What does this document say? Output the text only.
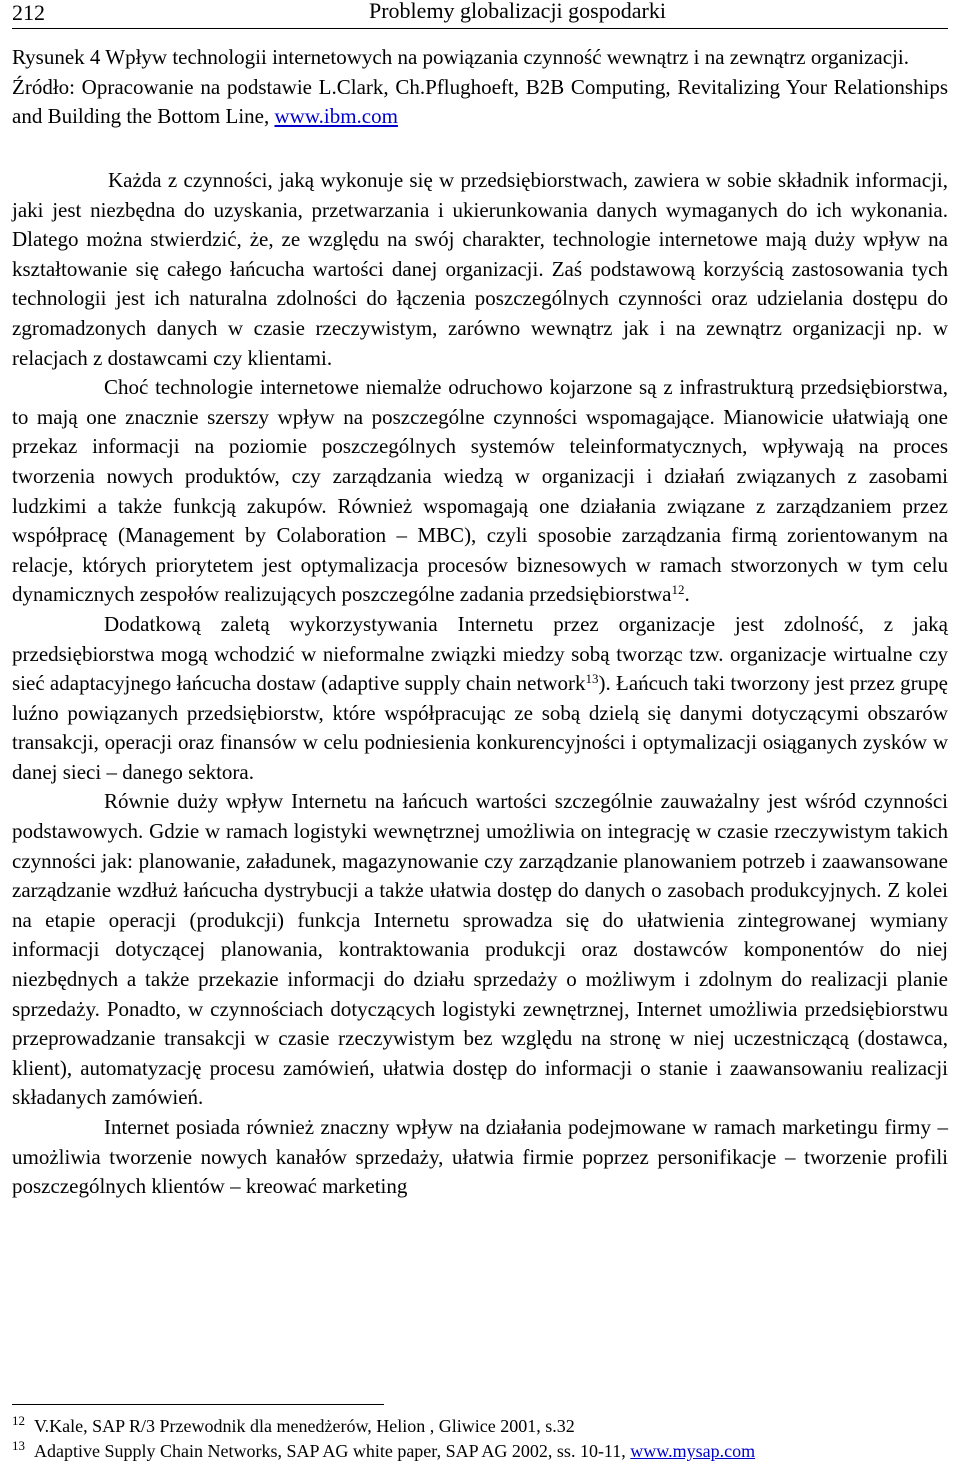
212	Problemy globalizacji gospodarki

Rysunek 4 Wpływ technologii internetowych na powiązania czynność wewnątrz i na zewnątrz organizacji.

Źródło: Opracowanie na podstawie L.Clark, Ch.Pflughoeft, B2B Computing, Revitalizing Your Relationships and Building the Bottom Line, www.ibm.com

Każda z czynności, jaką wykonuje się w przedsiębiorstwach, zawiera w sobie składnik informacji, jaki jest niezbędna do uzyskania, przetwarzania i ukierunkowania danych wymaganych do ich wykonania. Dlatego można stwierdzić, że, ze względu na swój charakter, technologie internetowe mają duży wpływ na kształtowanie się całego łańcucha wartości danej organizacji. Zaś podstawową korzyścią zastosowania tych technologii jest ich naturalna zdolności do łączenia poszczególnych czynności oraz udzielania dostępu do zgromadzonych danych w czasie rzeczywistym, zarówno wewnątrz jak i na zewnątrz organizacji np. w relacjach z dostawcami czy klientami.

Choć technologie internetowe niemalże odruchowo kojarzone są z infrastrukturą przedsiębiorstwa, to mają one znacznie szerszy wpływ na poszczególne czynności wspomagające. Mianowicie ułatwiają one przekaz informacji na poziomie poszczególnych systemów teleinformatycznych, wpływają na proces tworzenia nowych produktów, czy zarządzania wiedzą w organizacji i działań związanych z zasobami ludzkimi a także funkcją zakupów. Również wspomagają one działania związane z zarządzaniem przez współpracę (Management by Colaboration – MBC), czyli sposobie zarządzania firmą zorientowanym na relacje, których priorytetem jest optymalizacja procesów biznesowych w ramach stworzonych w tym celu dynamicznych zespołów realizujących poszczególne zadania przedsiębiorstwa$^{12}$.

Dodatkową zaletą wykorzystywania Internetu przez organizacje jest zdolność, z jaką przedsiębiorstwa mogą wchodzić w nieformalne związki miedzy sobą tworząc tzw. organizacje wirtualne czy sieć adaptacyjnego łańcucha dostaw (adaptive supply chain network$^{13}$). Łańcuch taki tworzony jest przez grupę luźno powiązanych przedsiębiorstw, które współpracując ze sobą dzielą się danymi dotyczącymi obszarów transakcji, operacji oraz finansów w celu podniesienia konkurencyjności i optymalizacji osiąganych zysków w danej sieci – danego sektora.

Równie duży wpływ Internetu na łańcuch wartości szczególnie zauważalny jest wśród czynności podstawowych. Gdzie w ramach logistyki wewnętrznej umożliwia on integrację w czasie rzeczywistym takich czynności jak: planowanie, załadunek, magazynowanie czy zarządzanie planowaniem potrzeb i zaawansowane zarządzanie wzdłuż łańcucha dystrybucji a także ułatwia dostęp do danych o zasobach produkcyjnych. Z kolei na etapie operacji (produkcji) funkcja Internetu sprowadza się do ułatwienia zintegrowanej wymiany informacji dotyczącej planowania, kontraktowania produkcji oraz dostawców komponentów do niej niezbędnych a także przekazie informacji do działu sprzedaży o możliwym i zdolnym do realizacji planie sprzedaży. Ponadto, w czynnościach dotyczących logistyki zewnętrznej, Internet umożliwia przedsiębiorstwu przeprowadzanie transakcji w czasie rzeczywistym bez względu na stronę w niej uczestniczącą (dostawca, klient), automatyzację procesu zamówień, ułatwia dostęp do informacji o stanie i zaawansowaniu realizacji składanych zamówień.

Internet posiada również znaczny wpływ na działania podejmowane w ramach marketingu firmy – umożliwia tworzenie nowych kanałów sprzedaży, ułatwia firmie poprzez personifikacje – tworzenie profili poszczególnych klientów – kreować marketing

12 V.Kale, SAP R/3 Przewodnik dla menedżerów, Helion , Gliwice 2001, s.32

13 Adaptive Supply Chain Networks, SAP AG white paper, SAP AG 2002, ss. 10-11, www.mysap.com
